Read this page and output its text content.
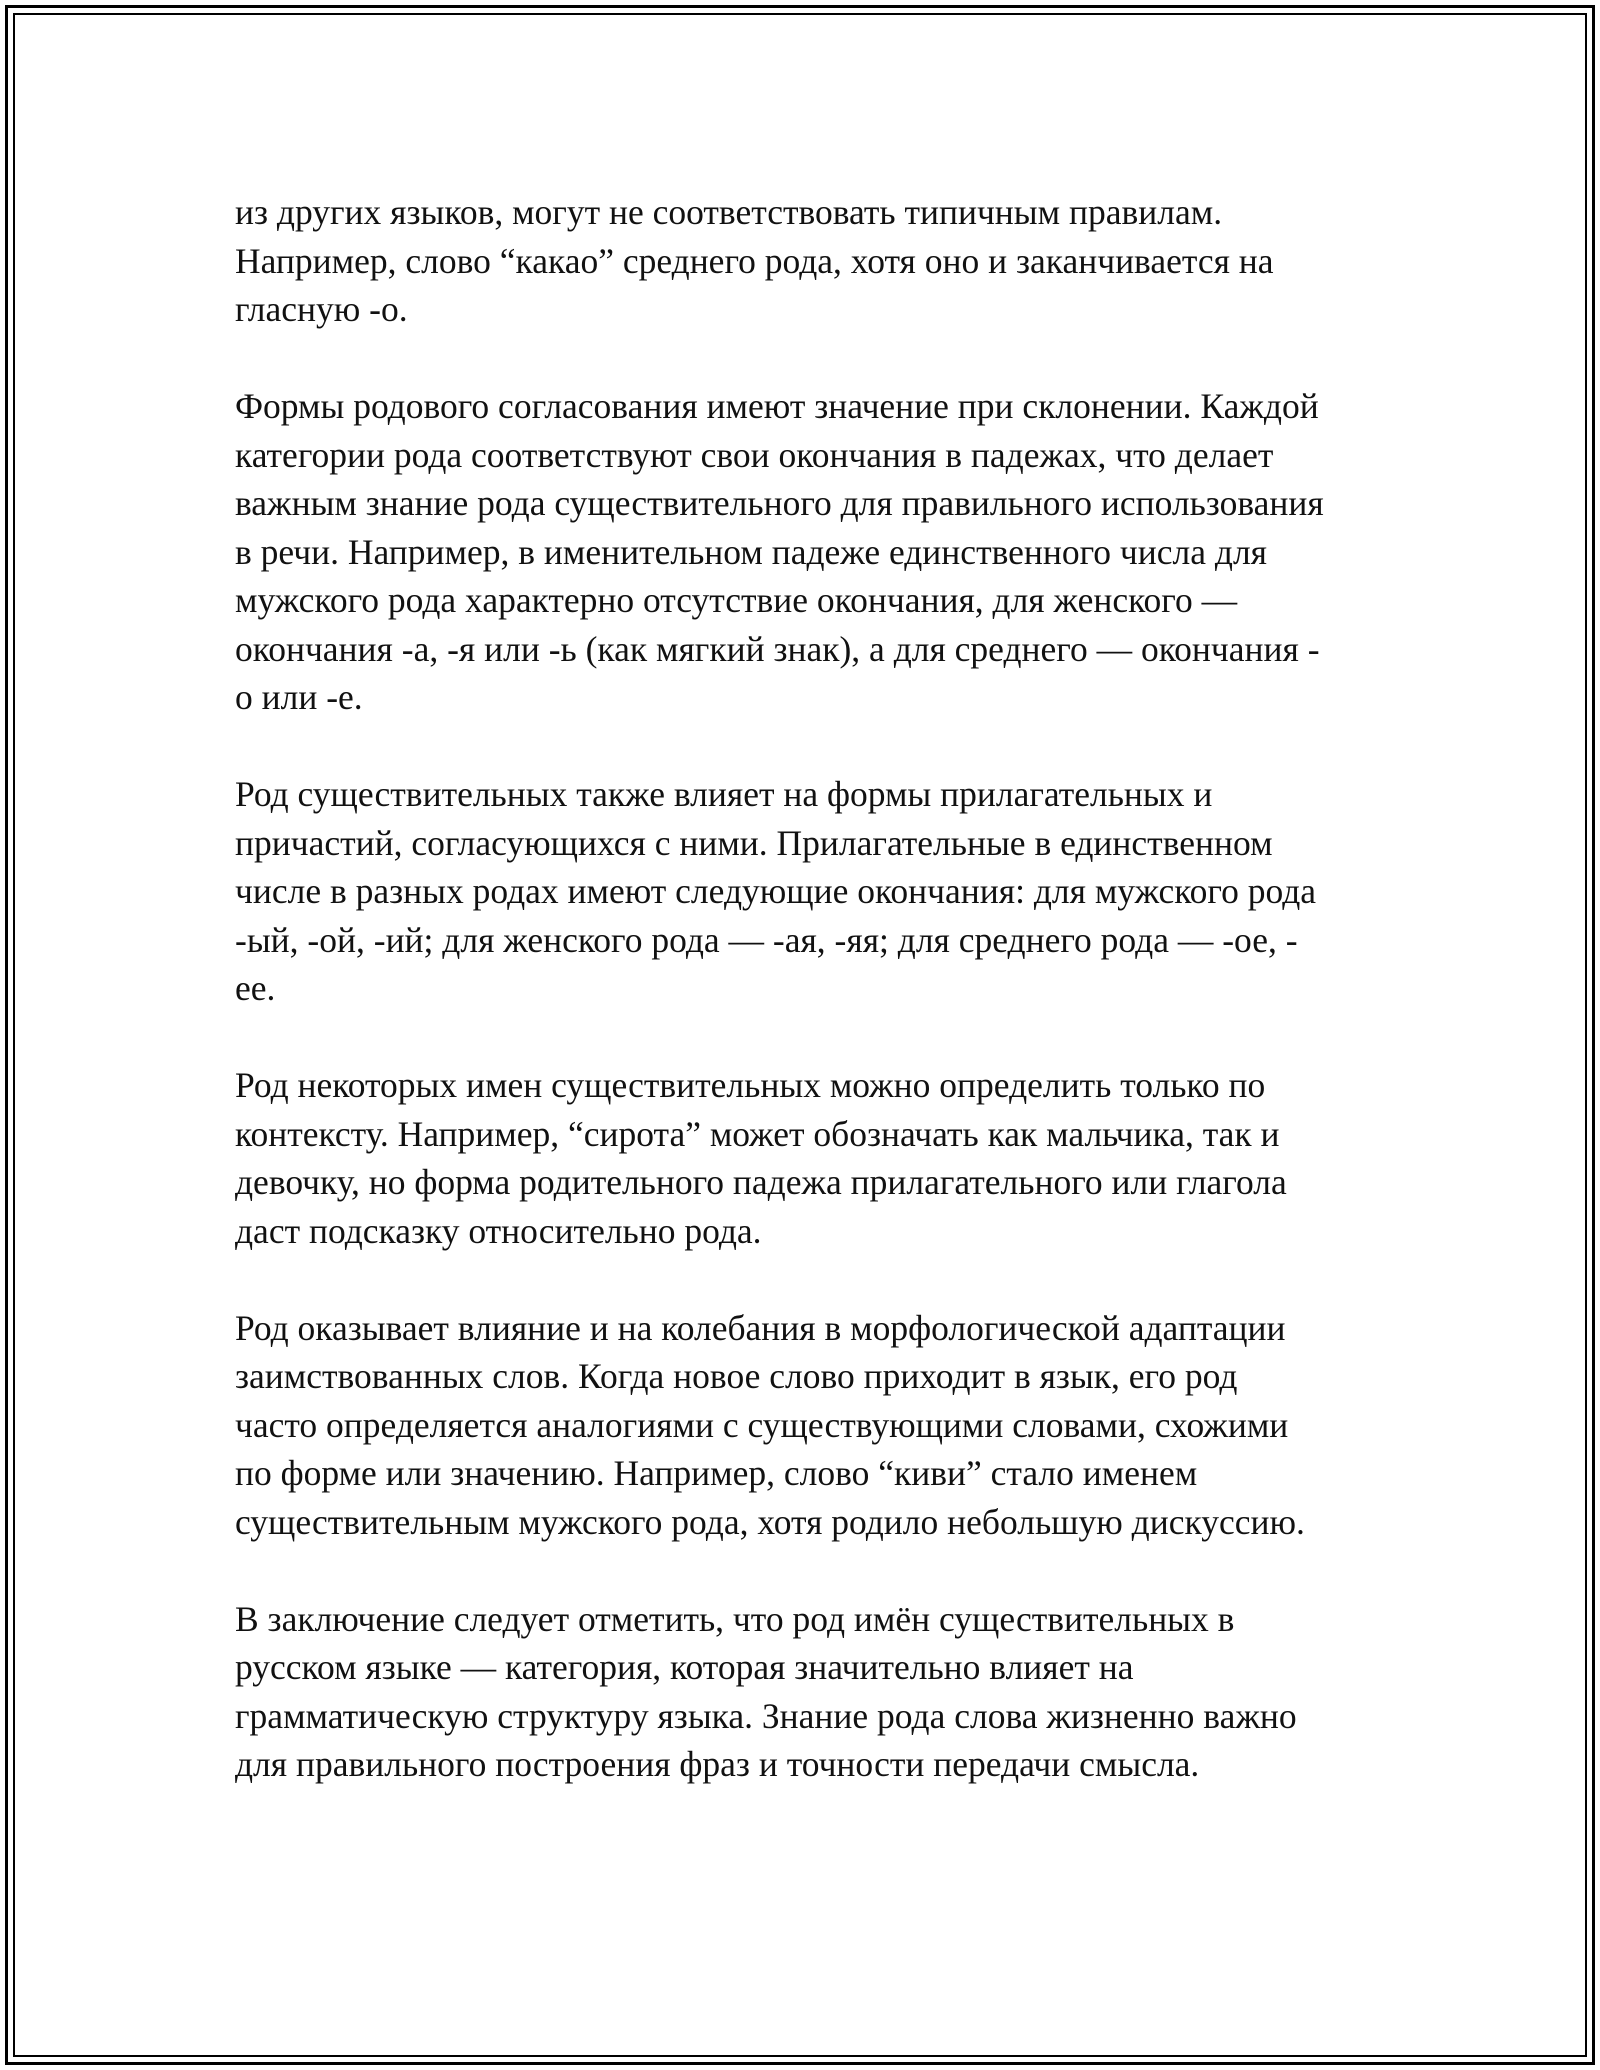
из других языков, могут не соответствовать типичным правилам.
Например, слово “какао” среднего рода, хотя оно и заканчивается на
гласную -о.

Формы родового согласования имеют значение при склонении. Каждой
категории рода соответствуют свои окончания в падежах, что делает
важным знание рода существительного для правильного использования
в речи. Например, в именительном падеже единственного числа для
мужского рода характерно отсутствие окончания, для женского —
окончания -а, -я или -ь (как мягкий знак), а для среднего — окончания -
о или -е.

Род существительных также влияет на формы прилагательных и
причастий, согласующихся с ними. Прилагательные в единственном
числе в разных родах имеют следующие окончания: для мужского рода
-ый, -ой, -ий; для женского рода — -ая, -яя; для среднего рода — -ое, -
ее.

Род некоторых имен существительных можно определить только по
контексту. Например, “сирота” может обозначать как мальчика, так и
девочку, но форма родительного падежа прилагательного или глагола
даст подсказку относительно рода.

Род оказывает влияние и на колебания в морфологической адаптации
заимствованных слов. Когда новое слово приходит в язык, его род
часто определяется аналогиями с существующими словами, схожими
по форме или значению. Например, слово “киви” стало именем
существительным мужского рода, хотя родило небольшую дискуссию.

В заключение следует отметить, что род имён существительных в
русском языке — категория, которая значительно влияет на
грамматическую структуру языка. Знание рода слова жизненно важно
для правильного построения фраз и точности передачи смысла.
